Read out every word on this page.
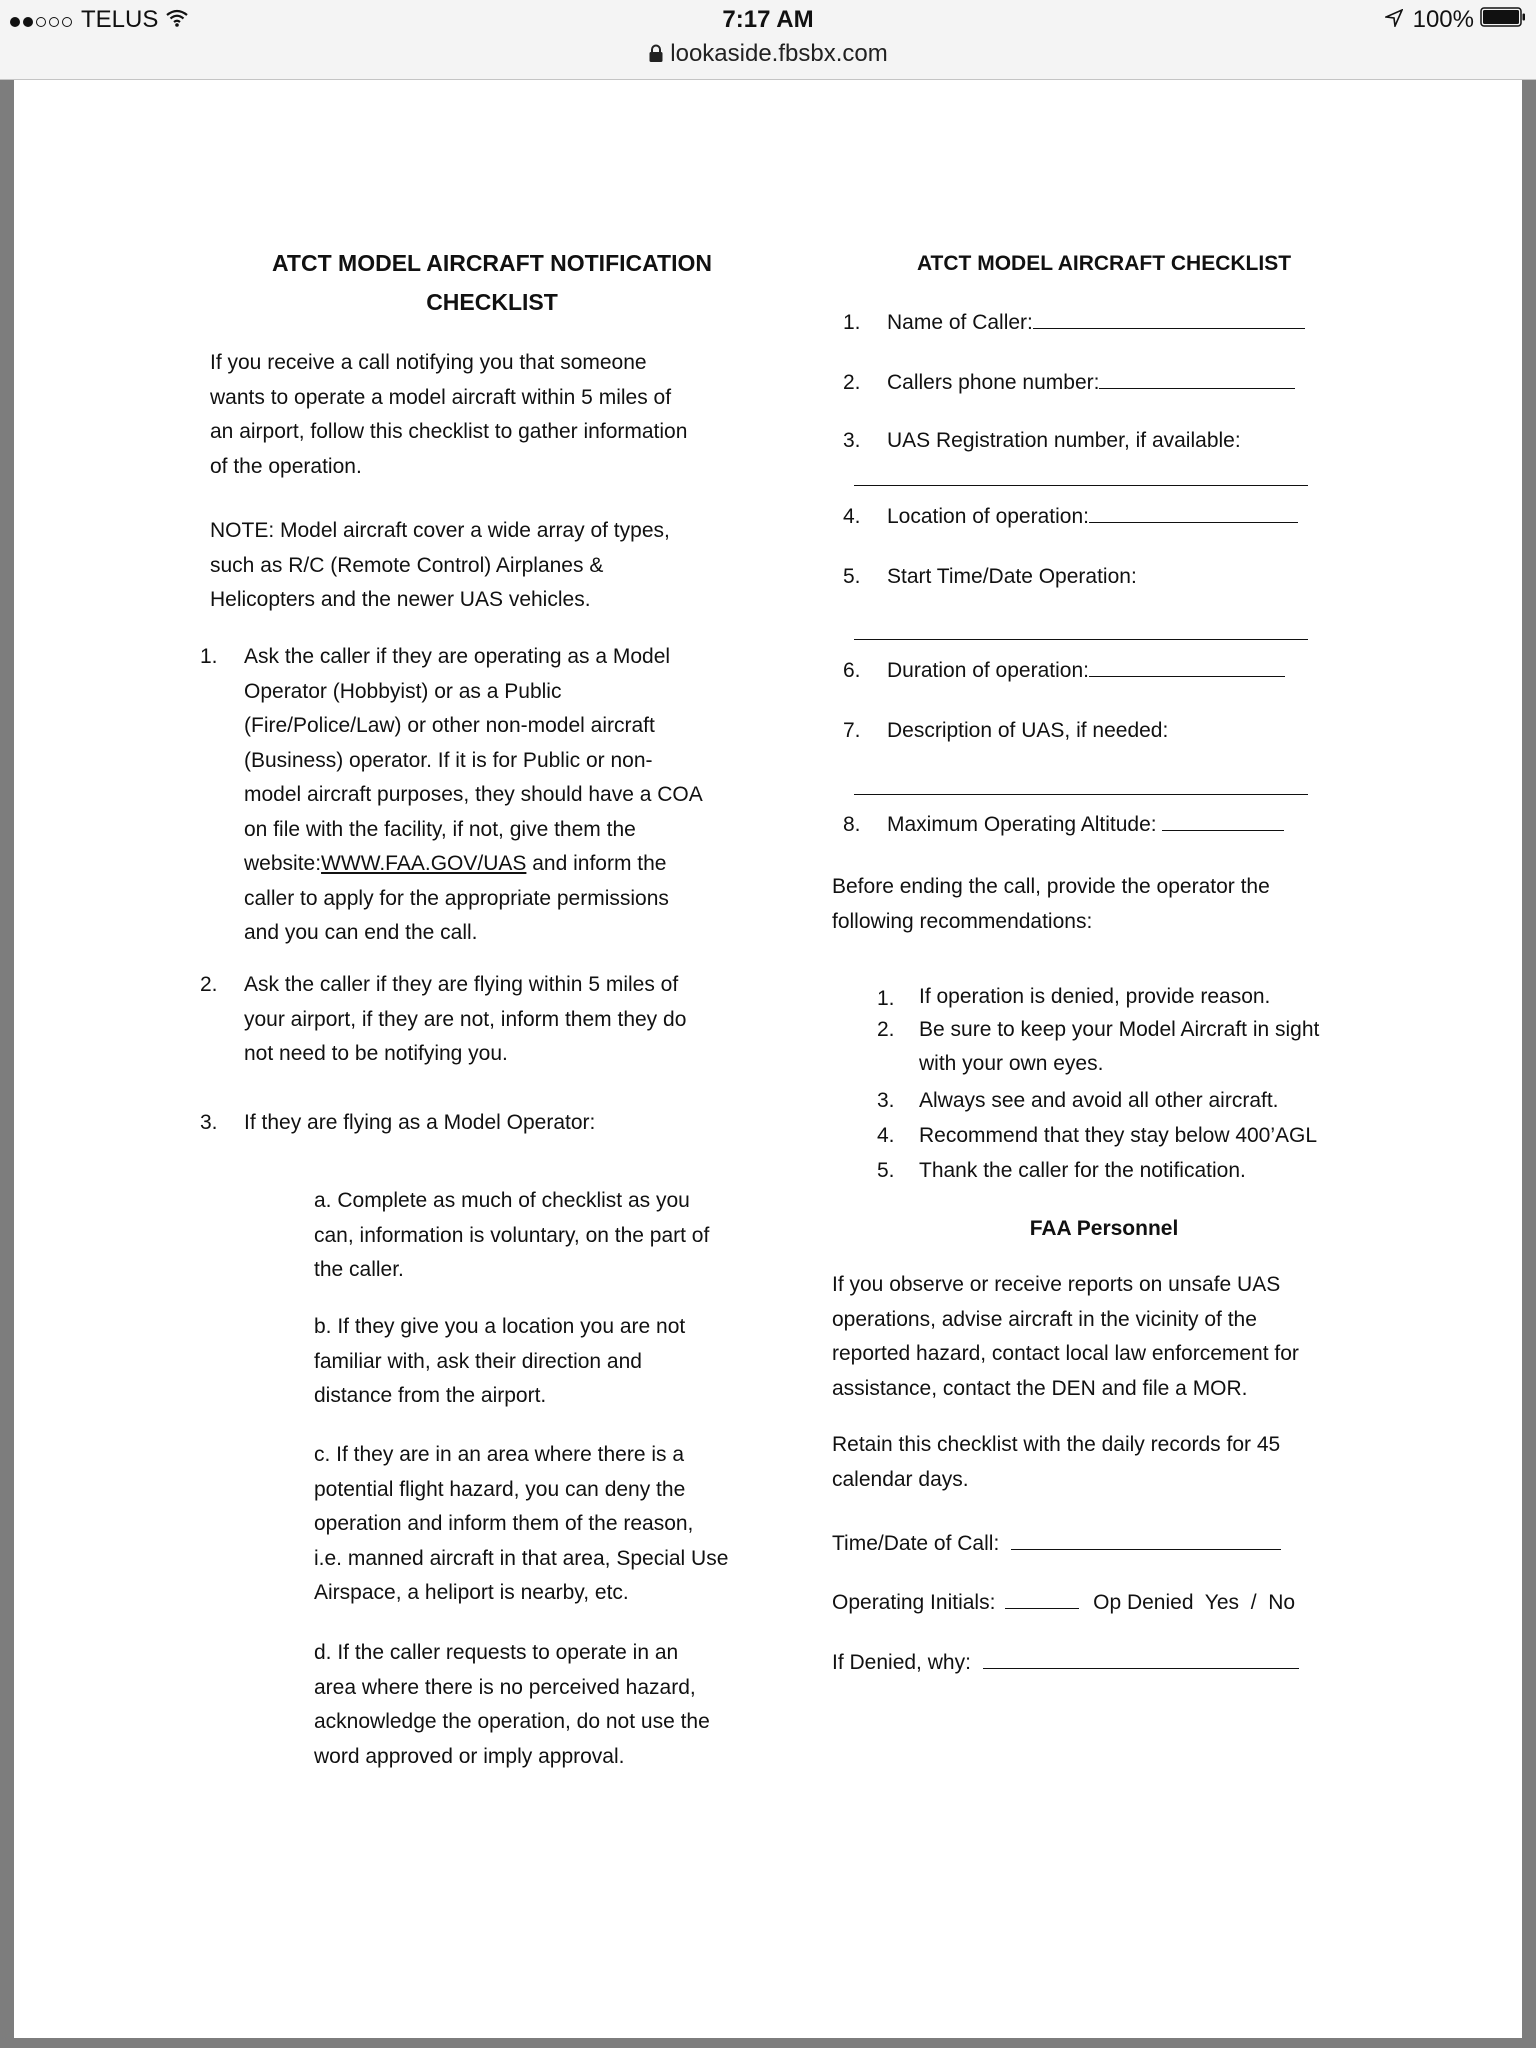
TELUS	7:17 AM	100%
lookaside.fbsbx.com
ATCT MODEL AIRCRAFT NOTIFICATION
CHECKLIST
If you receive a call notifying you that someone
wants to operate a model aircraft within 5 miles of
an airport, follow this checklist to gather information
of the operation.
NOTE: Model aircraft cover a wide array of types,
such as R/C (Remote Control) Airplanes &
Helicopters and the newer UAS vehicles.
1. Ask the caller if they are operating as a Model
Operator (Hobbyist) or as a Public
(Fire/Police/Law) or other non-model aircraft
(Business) operator. If it is for Public or non-
model aircraft purposes, they should have a COA
on file with the facility, if not, give them the
website:WWW.FAA.GOV/UAS and inform the
caller to apply for the appropriate permissions
and you can end the call.
2. Ask the caller if they are flying within 5 miles of
your airport, if they are not, inform them they do
not need to be notifying you.
3. If they are flying as a Model Operator:
a. Complete as much of checklist as you
can, information is voluntary, on the part of
the caller.
b. If they give you a location you are not
familiar with, ask their direction and
distance from the airport.
c. If they are in an area where there is a
potential flight hazard, you can deny the
operation and inform them of the reason,
i.e. manned aircraft in that area, Special Use
Airspace, a heliport is nearby, etc.
d. If the caller requests to operate in an
area where there is no perceived hazard,
acknowledge the operation, do not use the
word approved or imply approval.
ATCT MODEL AIRCRAFT CHECKLIST
1. Name of Caller:
2. Callers phone number:
3. UAS Registration number, if available:
4. Location of operation:
5. Start Time/Date Operation:
6. Duration of operation:
7. Description of UAS, if needed:
8. Maximum Operating Altitude:
Before ending the call, provide the operator the
following recommendations:
1. If operation is denied, provide reason.
2. Be sure to keep your Model Aircraft in sight
with your own eyes.
3. Always see and avoid all other aircraft.
4. Recommend that they stay below 400’AGL
5. Thank the caller for the notification.
FAA Personnel
If you observe or receive reports on unsafe UAS
operations, advise aircraft in the vicinity of the
reported hazard, contact local law enforcement for
assistance, contact the DEN and file a MOR.
Retain this checklist with the daily records for 45
calendar days.
Time/Date of Call:
Operating Initials:	Op Denied  Yes  /  No
If Denied, why:
